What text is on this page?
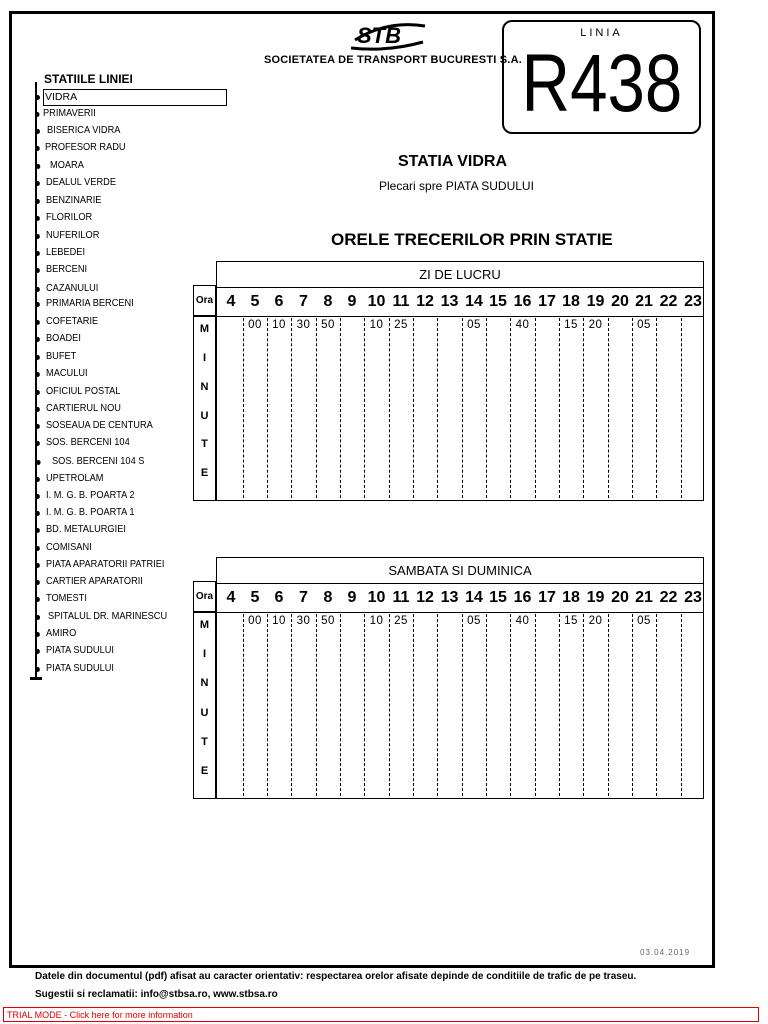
STB
SOCIETATEA DE TRANSPORT BUCURESTI S.A.
LINIA
R438
STATIILE LINIEI
VIDRA
PRIMAVERII
BISERICA VIDRA
PROFESOR RADU
MOARA
DEALUL VERDE
BENZINARIE
FLORILOR
NUFERILOR
LEBEDEI
BERCENI
CAZANULUI
PRIMARIA BERCENI
COFETARIE
BOADEI
BUFET
MACULUI
OFICIUL POSTAL
CARTIERUL NOU
SOSEAUA DE CENTURA
SOS. BERCENI 104
SOS. BERCENI 104 S
UPETROLAM
I. M. G. B. POARTA 2
I. M. G. B. POARTA 1
BD. METALURGIEI
COMISANI
PIATA APARATORII PATRIEI
CARTIER APARATORII
TOMESTI
SPITALUL DR. MARINESCU
AMIRO
PIATA SUDULUI
PIATA SUDULUI
STATIA VIDRA
Plecari spre PIATA SUDULUI
ORELE TRECERILOR PRIN STATIE
ZI DE LUCRU
4 5
00
6
10
7
30
8
50
9 10
10
11
25
12 13 14
05
15 16
40
17 18
15
19
20
20 21
05
22 23
Ora
M
I
N
U
T
E
SAMBATA SI DUMINICA
4 5
00
6
10
7
30
8
50
9 10
10
11
25
12 13 14
05
15 16
40
17 18
15
19
20
20 21
05
22 23
Ora
M
I
N
U
T
E
03.04.2019
Datele din documentul (pdf) afisat au caracter orientativ: respectarea orelor afisate depinde de conditiile de trafic de pe traseu.
Sugestii si reclamatii: info@stbsa.ro, www.stbsa.ro
TRIAL MODE - Click here for more information
